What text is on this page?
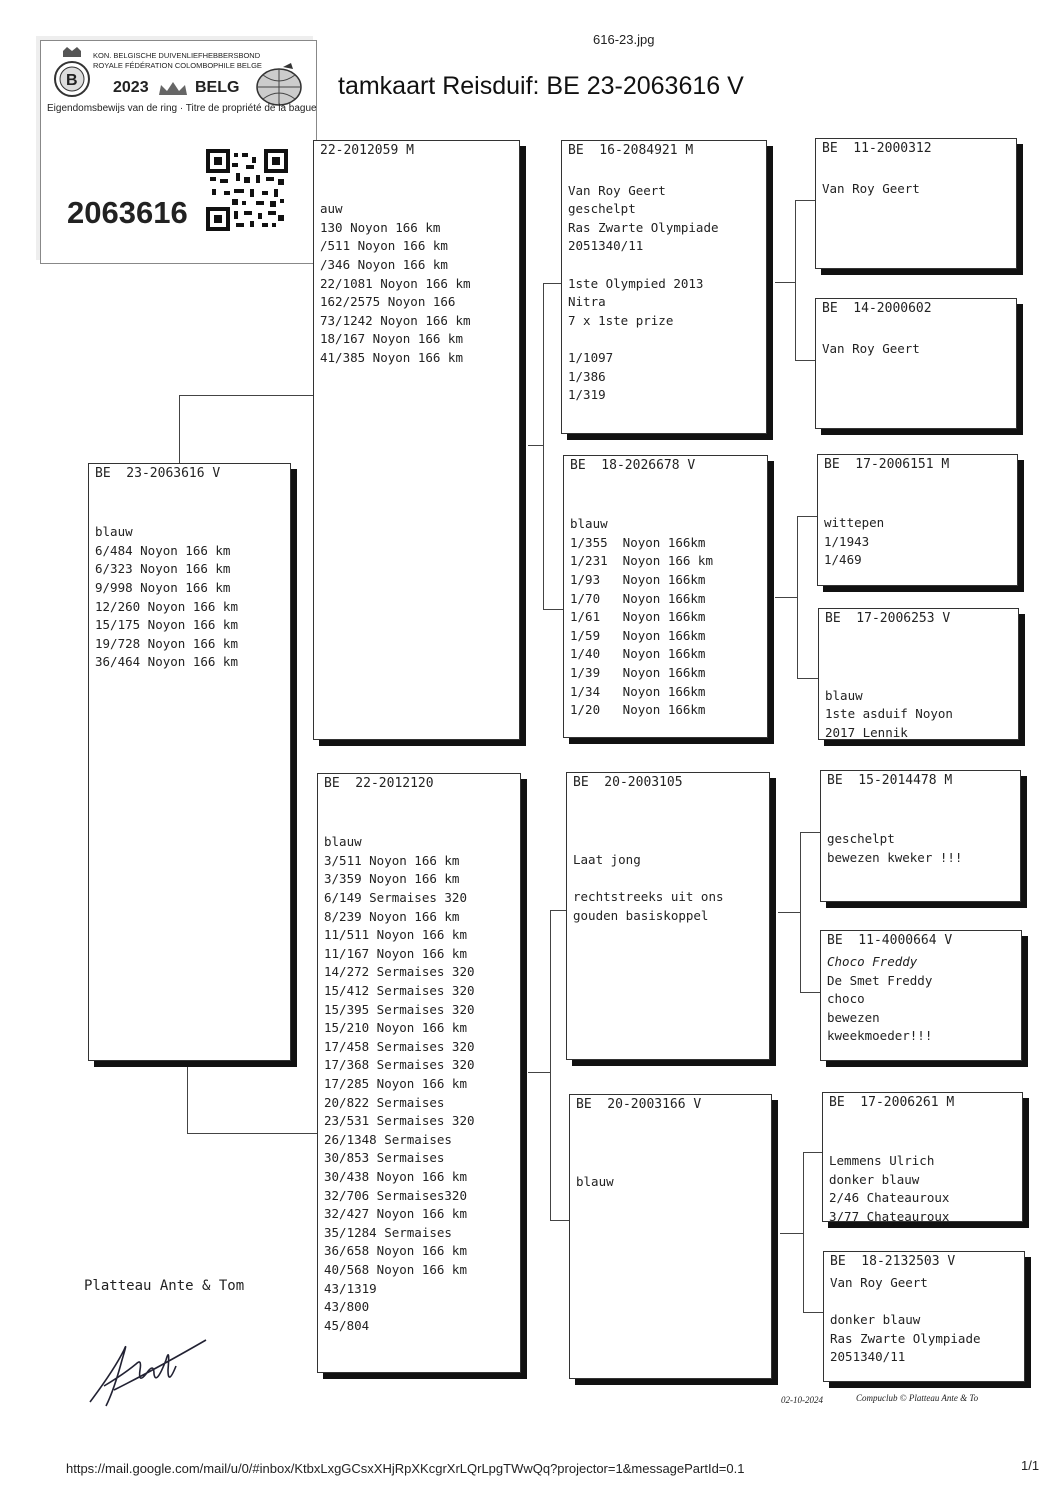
616-23.jpg
tamkaart Reisduif: BE 23-2063616 V
B
KON. BELGISCHE DUIVENLIEFHEBBERSBOND
ROYALE FÉDÉRATION COLOMBOPHILE BELGE
2023	BELG
Eigendomsbewijs van de ring · Titre de propriété de la bague
2063616
BE  23-2063616 V
blauw
6/484 Noyon 166 km
6/323 Noyon 166 km
9/998 Noyon 166 km
12/260 Noyon 166 km
15/175 Noyon 166 km
19/728 Noyon 166 km
36/464 Noyon 166 km
22-2012059 M
auw
130 Noyon 166 km
/511 Noyon 166 km
/346 Noyon 166 km
22/1081 Noyon 166 km
162/2575 Noyon 166
73/1242 Noyon 166 km
18/167 Noyon 166 km
41/385 Noyon 166 km
BE  22-2012120
blauw
3/511 Noyon 166 km
3/359 Noyon 166 km
6/149 Sermaises 320
8/239 Noyon 166 km
11/511 Noyon 166 km
11/167 Noyon 166 km
14/272 Sermaises 320
15/412 Sermaises 320
15/395 Sermaises 320
15/210 Noyon 166 km
17/458 Sermaises 320
17/368 Sermaises 320
17/285 Noyon 166 km
20/822 Sermaises
23/531 Sermaises 320
26/1348 Sermaises
30/853 Sermaises
30/438 Noyon 166 km
32/706 Sermaises320
32/427 Noyon 166 km
35/1284 Sermaises
36/658 Noyon 166 km
40/568 Noyon 166 km
43/1319
43/800
45/804
BE  16-2084921 M
Van Roy Geert
geschelpt
Ras Zwarte Olympiade
2051340/11
1ste Olympied 2013
Nitra
7 x 1ste prize
1/1097
1/386
1/319
BE  18-2026678 V
blauw
1/355  Noyon 166km
1/231  Noyon 166 km
1/93   Noyon 166km
1/70   Noyon 166km
1/61   Noyon 166km
1/59   Noyon 166km
1/40   Noyon 166km
1/39   Noyon 166km
1/34   Noyon 166km
1/20   Noyon 166km
BE  20-2003105
Laat jong
rechtstreeks uit ons
gouden basiskoppel
BE  20-2003166 V
blauw
BE  11-2000312
Van Roy Geert
BE  14-2000602
Van Roy Geert
BE  17-2006151 M
wittepen
1/1943
1/469
BE  17-2006253 V
blauw
1ste asduif Noyon
2017 Lennik
BE  15-2014478 M
geschelpt
bewezen kweker !!!
BE  11-4000664 V
Choco Freddy
De Smet Freddy
choco
bewezen
kweekmoeder!!!
BE  17-2006261 M
Lemmens Ulrich
donker blauw
2/46 Chateauroux
3/77 Chateauroux
BE  18-2132503 V
Van Roy Geert
donker blauw
Ras Zwarte Olympiade
2051340/11
Platteau Ante & Tom
02-10-2024	Compuclub © Platteau Ante & To
https://mail.google.com/mail/u/0/#inbox/KtbxLxgGCsxXHjRpXKcgrXrLQrLpgTWwQq?projector=1&messagePartId=0.1	1/1
